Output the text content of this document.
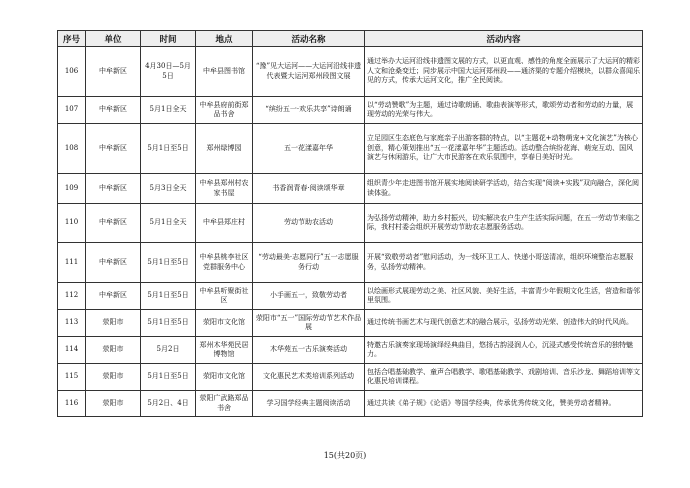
序号	单位	时间	地点	活动名称	活动内容
106	中牟新区	4月30日—5月5日	中牟县图书馆	“豫”见大运河——大运河沿线非遗代表暨大运河郑州段图文展	通过举办大运河沿线非遗图文展的方式，以更直观、感性的角度全面展示了大运河的精彩人文和沧桑变迁；同步展示中国大运河郑州段——通济渠的专题介绍模块，以群众喜闻乐见的方式，传承大运河文化，推广全民阅读。
107	中牟新区	5月1日全天	中牟县府前街郑品书舍	“缤纷五一·欢乐共享”诗朗诵	以“劳动赞歌”为主题，通过诗歌朗诵、歌曲表演等形式，歌颂劳动者和劳动的力量，展现劳动的光荣与伟大。
108	中牟新区	5月1日至5日	郑州绿博园	五一花漾嘉年华	立足园区生态底色与家庭亲子出游客群的特点，以“主题花+动物萌宠+文化演艺”为核心创意，精心策划推出“五一花漾嘉年华”主题活动。活动整合缤纷花海、萌宠互动、国风演艺与休闲游乐，让广大市民游客在欢乐氛围中，享春日美好时光。
109	中牟新区	5月3日全天	中牟县郑州村农家书屋	书香润青春·阅读颂华章	组织青少年走进图书馆开展实地阅读研学活动，结合实现“阅读+实践”双向融合，深化阅读体验。
110	中牟新区	5月1日全天	中牟县郑庄村	劳动节助农活动	为弘扬劳动精神，助力乡村振兴，切实解决农户生产生活实际问题，在五一劳动节来临之际，我村村委会组织开展劳动节助农志愿服务活动。
111	中牟新区	5月1日至5日	中牟县桃李社区党群服务中心	“劳动最美·志愿同行”五一志愿服务行动	开展“致敬劳动者”慰问活动，为一线环卫工人、快递小哥送清凉，组织环境整治志愿服务，弘扬劳动精神。
112	中牟新区	5月1日至5日	中牟县听聚街社区	小手画五一，致敬劳动者	以绘画形式展现劳动之美、社区风貌、美好生活，丰富青少年假期文化生活，营造和谐邻里氛围。
113	荥阳市	5月1日至5日	荥阳市文化馆	荥阳市“五一”国际劳动节艺术作品展	通过传统书画艺术与现代创意艺术的融合展示，弘扬劳动光荣、创造伟大的时代风尚。
114	荥阳市	5月2日	郑州木华苑民居博物馆	木华苑五一古乐演奏活动	特邀古乐演奏家现场演绎经典曲目，悠扬古韵浸润人心，沉浸式感受传统音乐的独特魅力。
115	荥阳市	5月1日至5日	荥阳市文化馆	文化惠民艺术类培训系列活动	包括合唱基础教学、童声合唱教学、歌唱基础教学、戏剧培训、音乐沙龙、舞蹈培训等文化惠民培训课程。
116	荥阳市	5月2日、4日	荥阳广武路郑品书舍	学习国学经典主题阅读活动	通过共读《弟子规》《论语》等国学经典，传承优秀传统文化，赞美劳动者精神。
15(共20页)
